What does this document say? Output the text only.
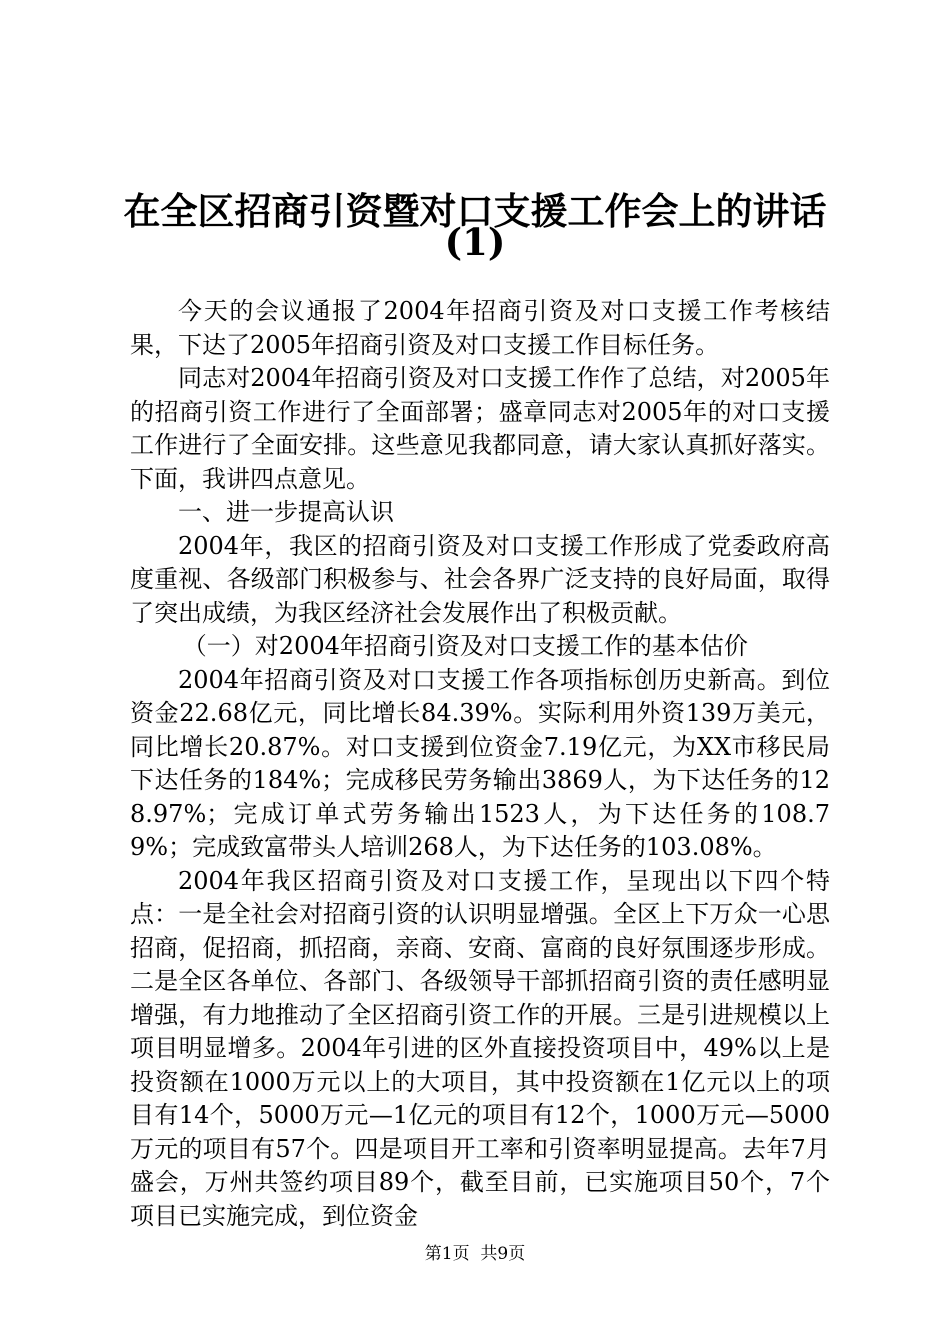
在全区招商引资暨对口支援工作会上的讲话
(1)

今天的会议通报了2004年招商引资及对口支援工作考核结果，下达了2005年招商引资及对口支援工作目标任务。

同志对2004年招商引资及对口支援工作作了总结，对2005年的招商引资工作进行了全面部署；盛章同志对2005年的对口支援工作进行了全面安排。这些意见我都同意，请大家认真抓好落实。下面，我讲四点意见。

一、进一步提高认识

2004年，我区的招商引资及对口支援工作形成了党委政府高度重视、各级部门积极参与、社会各界广泛支持的良好局面，取得了突出成绩，为我区经济社会发展作出了积极贡献。

（一）对2004年招商引资及对口支援工作的基本估价

2004年招商引资及对口支援工作各项指标创历史新高。到位资金22.68亿元，同比增长84.39%。实际利用外资139万美元，同比增长20.87%。对口支援到位资金7.19亿元，为XX市移民局下达任务的184%；完成移民劳务输出3869人，为下达任务的128.97%；完成订单式劳务输出1523人，为下达任务的108.79%；完成致富带头人培训268人，为下达任务的103.08%。

2004年我区招商引资及对口支援工作，呈现出以下四个特点：一是全社会对招商引资的认识明显增强。全区上下万众一心思招商，促招商，抓招商，亲商、安商、富商的良好氛围逐步形成。二是全区各单位、各部门、各级领导干部抓招商引资的责任感明显增强，有力地推动了全区招商引资工作的开展。三是引进规模以上项目明显增多。2004年引进的区外直接投资项目中，49%以上是投资额在1000万元以上的大项目，其中投资额在1亿元以上的项目有14个，5000万元—1亿元的项目有12个，1000万元—5000万元的项目有57个。四是项目开工率和引资率明显提高。去年7月盛会，万州共签约项目89个，截至目前，已实施项目50个，7个项目已实施完成，到位资金

第1页  共9页
